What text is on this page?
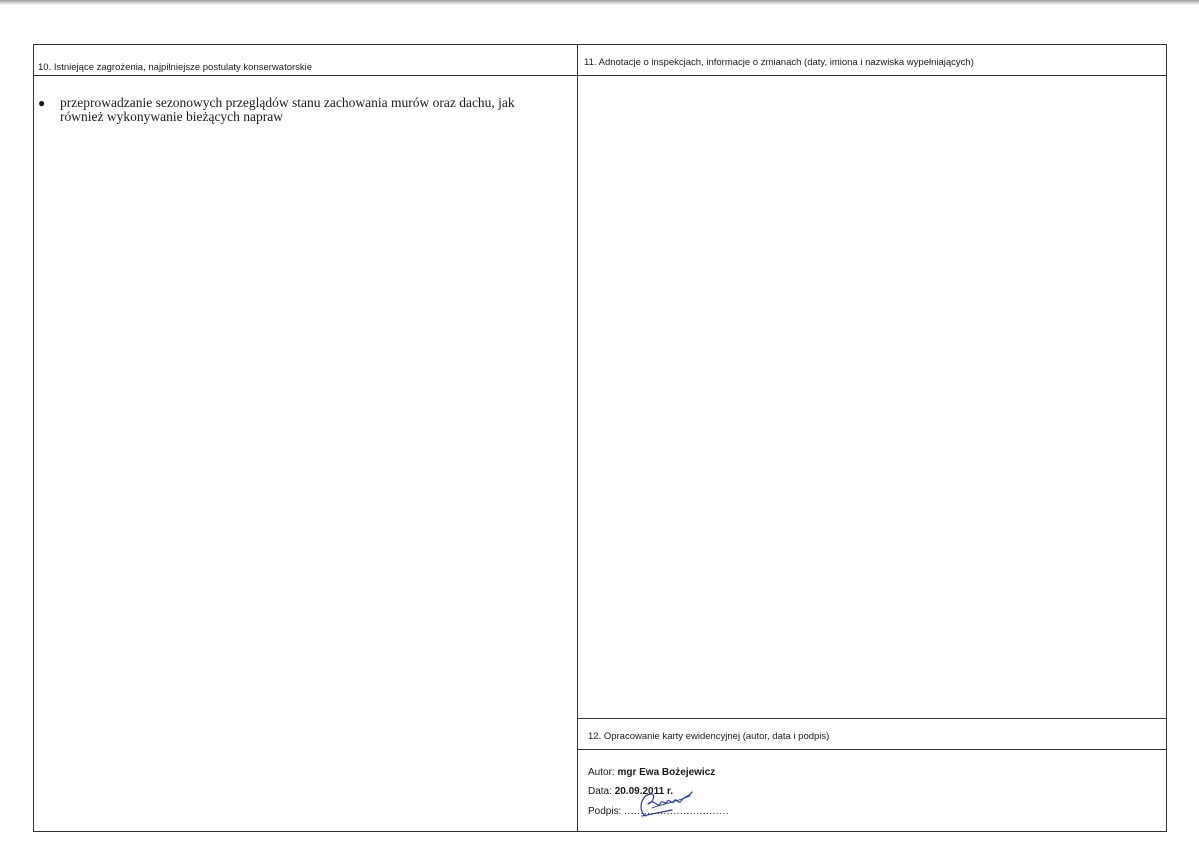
10. Istniejące zagrożenia, najpilniejsze postulaty konserwatorskie	11. Adnotacje o inspekcjach, informacje o zmianach (daty, imiona i nazwiska wypełniających)
●	przeprowadzanie sezonowych przeglądów stanu zachowania murów oraz dachu, jak również wykonywanie bieżących napraw
12. Opracowanie karty ewidencyjnej (autor, data i podpis)
Autor: mgr Ewa Bożejewicz
Data: 20.09.2011 r.
Podpis: ................................
